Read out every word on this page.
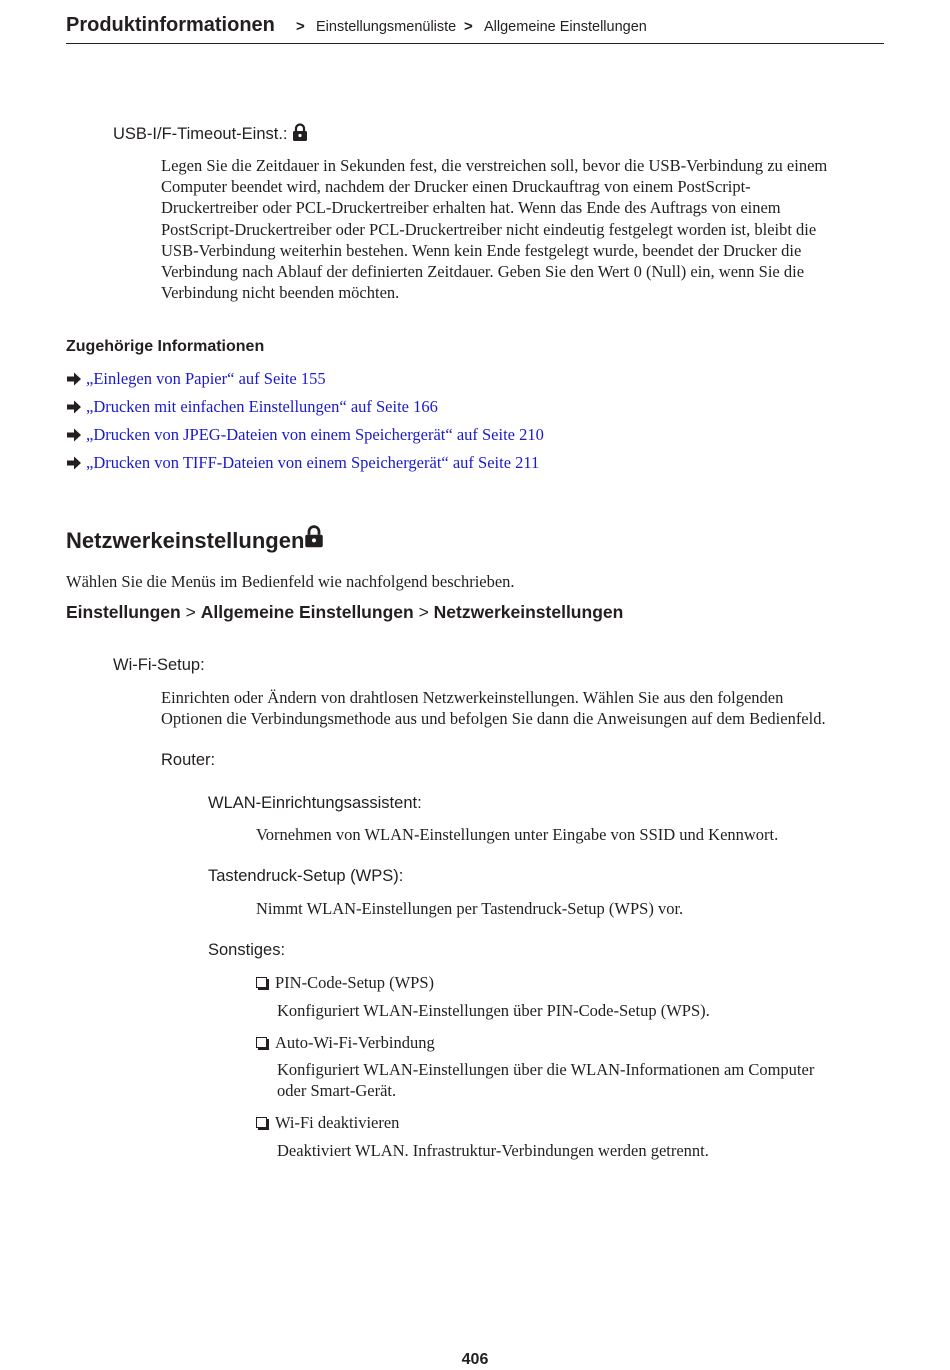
Produktinformationen > Einstellungsmenüliste > Allgemeine Einstellungen
USB-I/F-Timeout-Einst.:
Legen Sie die Zeitdauer in Sekunden fest, die verstreichen soll, bevor die USB-Verbindung zu einem
Computer beendet wird, nachdem der Drucker einen Druckauftrag von einem PostScript-
Druckertreiber oder PCL-Druckertreiber erhalten hat. Wenn das Ende des Auftrags von einem
PostScript-Druckertreiber oder PCL-Druckertreiber nicht eindeutig festgelegt worden ist, bleibt die
USB-Verbindung weiterhin bestehen. Wenn kein Ende festgelegt wurde, beendet der Drucker die
Verbindung nach Ablauf der definierten Zeitdauer. Geben Sie den Wert 0 (Null) ein, wenn Sie die
Verbindung nicht beenden möchten.
Zugehörige Informationen
„Einlegen von Papier“ auf Seite 155
„Drucken mit einfachen Einstellungen“ auf Seite 166
„Drucken von JPEG-Dateien von einem Speichergerät“ auf Seite 210
„Drucken von TIFF-Dateien von einem Speichergerät“ auf Seite 211
Netzwerkeinstellungen
Wählen Sie die Menüs im Bedienfeld wie nachfolgend beschrieben.
Einstellungen > Allgemeine Einstellungen > Netzwerkeinstellungen
Wi-Fi-Setup:
Einrichten oder Ändern von drahtlosen Netzwerkeinstellungen. Wählen Sie aus den folgenden
Optionen die Verbindungsmethode aus und befolgen Sie dann die Anweisungen auf dem Bedienfeld.
Router:
WLAN-Einrichtungsassistent:
Vornehmen von WLAN-Einstellungen unter Eingabe von SSID und Kennwort.
Tastendruck-Setup (WPS):
Nimmt WLAN-Einstellungen per Tastendruck-Setup (WPS) vor.
Sonstiges:
PIN-Code-Setup (WPS)
Konfiguriert WLAN-Einstellungen über PIN-Code-Setup (WPS).
Auto-Wi-Fi-Verbindung
Konfiguriert WLAN-Einstellungen über die WLAN-Informationen am Computer
oder Smart-Gerät.
Wi-Fi deaktivieren
Deaktiviert WLAN. Infrastruktur-Verbindungen werden getrennt.
406
